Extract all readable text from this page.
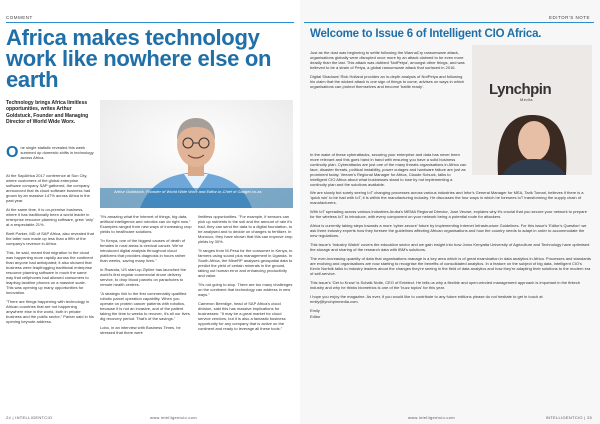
COMMENT
Africa makes technology work like nowhere else on earth
Technology brings Africa limitless opportunities, writes Arthur Goldstuck, Founder and Managing Director of World Wide Worx.
O ne single statistic revealed this week summed up domestic shifts in technology across Africa.

At the SapAfrica 2017 conference at Sun City, where customers of the global enterprise software company SAP gathered, the company announced that its cloud software business had grown by an massive 147% across Africa in the past year.

At the same time, it is on-premise business, where it has traditionally been a world leader in enterprise resource planning software, grew 'only' at a respectable 21%.

Brett Parker, MD of SAP Africa, also revealed that the latter now made up less than a fifth of the company's revenue in Africa.

This, he said, meant that migration to the cloud was happening more rapidly across the continent than anyone had anticipated; it also showed that business were leapfrogging traditional enterprise resource planning software in much the same way that cellphones had allowed consumers to leapfrog landline phones on a massive scale. This was opening up many opportunities for innovation.

"There are things happening with technology in African countries that are not happening anywhere else in the world, both in private business and the public sector," Parker said in his opening keynote address.

Arthur Goldstuck, Founder of World Wide Worx and Editor-in-Chief of Gadget.co.za

"It's amazing what the Internet of things, big data, artificial intelligence and robotics can do right now." Examples ranged from new ways of increasing crop yields to healthcare solutions.

"In Kenya, one of the biggest causes of death of females in rural areas is cervical cancer. We've introduced digital analysis throughout cloud platforms that provides diagnosis in hours rather than weeks, saving many lives."

In Rwanda, US start-up Zipline has launched the world's first regular commercial drone delivery service, to drop blood parcels on parachutes to remote health centres.

"A strategic link to the first commercially qualified robotic parcel operation capability. When you operate on protein cancer patients with robotics, because it is not an invasive, and of the patient taking the time to weeks to recover, it's all our lives dig recovery period. That's of the savings."

Lobo, in an interview with Business Times, he stressed that there were

limitless opportunities. "For example, if sensors can pick up nutrients in the soil and the amount of rain it's had, they can send the data to a digital foundation, to be analysed and to decide on changes to fertilizer. In Morocco, they have shown that this can improve crop yields by 30%.

"It ranges from M-Pesa for the consumer in Kenya, to farmers using sound plus management in Uganda. In South Africa, the MineRP analyses geospatial data to predict the yield of certain minerals in the ground, taking out human error and enhancing productivity and value.

"It's not going to stop. There are too many challenges on the continent that technology can address in new ways."

Cameron Beerdige, head of SAP Africa's cloud division, said this has massive implications for businesses: "It may be a great market for cloud service vendors, but it is also a fantastic business opportunity for any company that is active on the continent and ready to leverage all these tools."

24 | INTELLIGENTCIO	www.intelligentcio.com
EDITOR'S NOTE
Welcome to Issue 6 of Intelligent CIO Africa.

Just as the dust was beginning to settle following the WannaCry ransomware attack, organisations globally were disrupted once more by an attack claimed to be even more deadly than the last. This attack was dubbed 'NotPetya', amongst other things, and was believed to be a strain of Petya, a global ransomware attack that surfaced in 2016.

Digital Shadows' Rick Holland provides an in-depth analysis of NotPetya and following his claim that the wicked attack is one sign of things to come, advises on ways in which organisations can protect themselves and become 'battle ready'.	Lynchpin
Media

In the wake of these cyberattacks, securing your enterprise and data has never been more relevant and this goes hand in hand with ensuring you have a solid business continuity plan. Cyberattacks are just one of the many threats organisations in Africa can face, disaster threats, political instability, power outages and hardware failure are just as prominent today. Veeam's Regional Manager for Africa, Claude Schuck, talks to Intelligent CIO Africa about what businesses stand to lose by not implementing a continuity plan and the solutions available.

We are slowly but surely seeing IoT changing processes across various industries and Infor's General Manager for MEA, Tarik Tomari, believes if there is a 'quick win' to be had with IoT, it is within the manufacturing industry. He discusses the four ways in which he foresees IoT transforming the supply chain of manufacturers.

With IoT spreading across various industries Aruba's MEMA Regional Director, Jose Veuwe, explains why it's crucial that you secure your network to prepare for the wireless IoT to introduce, with every component on your network being a potential route for attackers.

Africa is currently taking steps towards a more 'cyber-secure' future by implementing Internet Infrastructure Guidelines. For this issue's 'Editor's Question' we ask three industry experts how they foresee the guidelines affecting African organisations and how the country needs to adapt in order to accommodate the new regulations.

This issue's 'Industry Watch' covers the education sector and we gain insight into how Jomo Kenyatta University of Agriculture and Technology have optimised the storage and sharing of the research data with IBM's solutions.

The ever-increasing quantity of data that organisations manage is a key area which is of great examination in data analytics in Africa. Processes and standards are evolving and organisations are now starting to recognise the benefits of consolidated analytics. In a feature on the subject of big data, Intelligent CIO's Kevin Norfolk talks to industry leaders about the changes they're seeing in the field of data analytics and how they're adapting their solutions to the modern era of self-service.

This issue's 'Get to Know' is Schalk Nolte, CEO of Entelect. He tells us why a flexible and open-minded management approach is important in the fintech industry and why he thinks biometrics is one of the 'buzz topics' for this year.

I hope you enjoy the magazine. As ever, if you would like to contribute to any future editions please do not hesitate to get in touch at emily@lynchpinmedia.com.

Emily

Editor

www.intelligentcio.com	INTELLIGENTCIO | 25
